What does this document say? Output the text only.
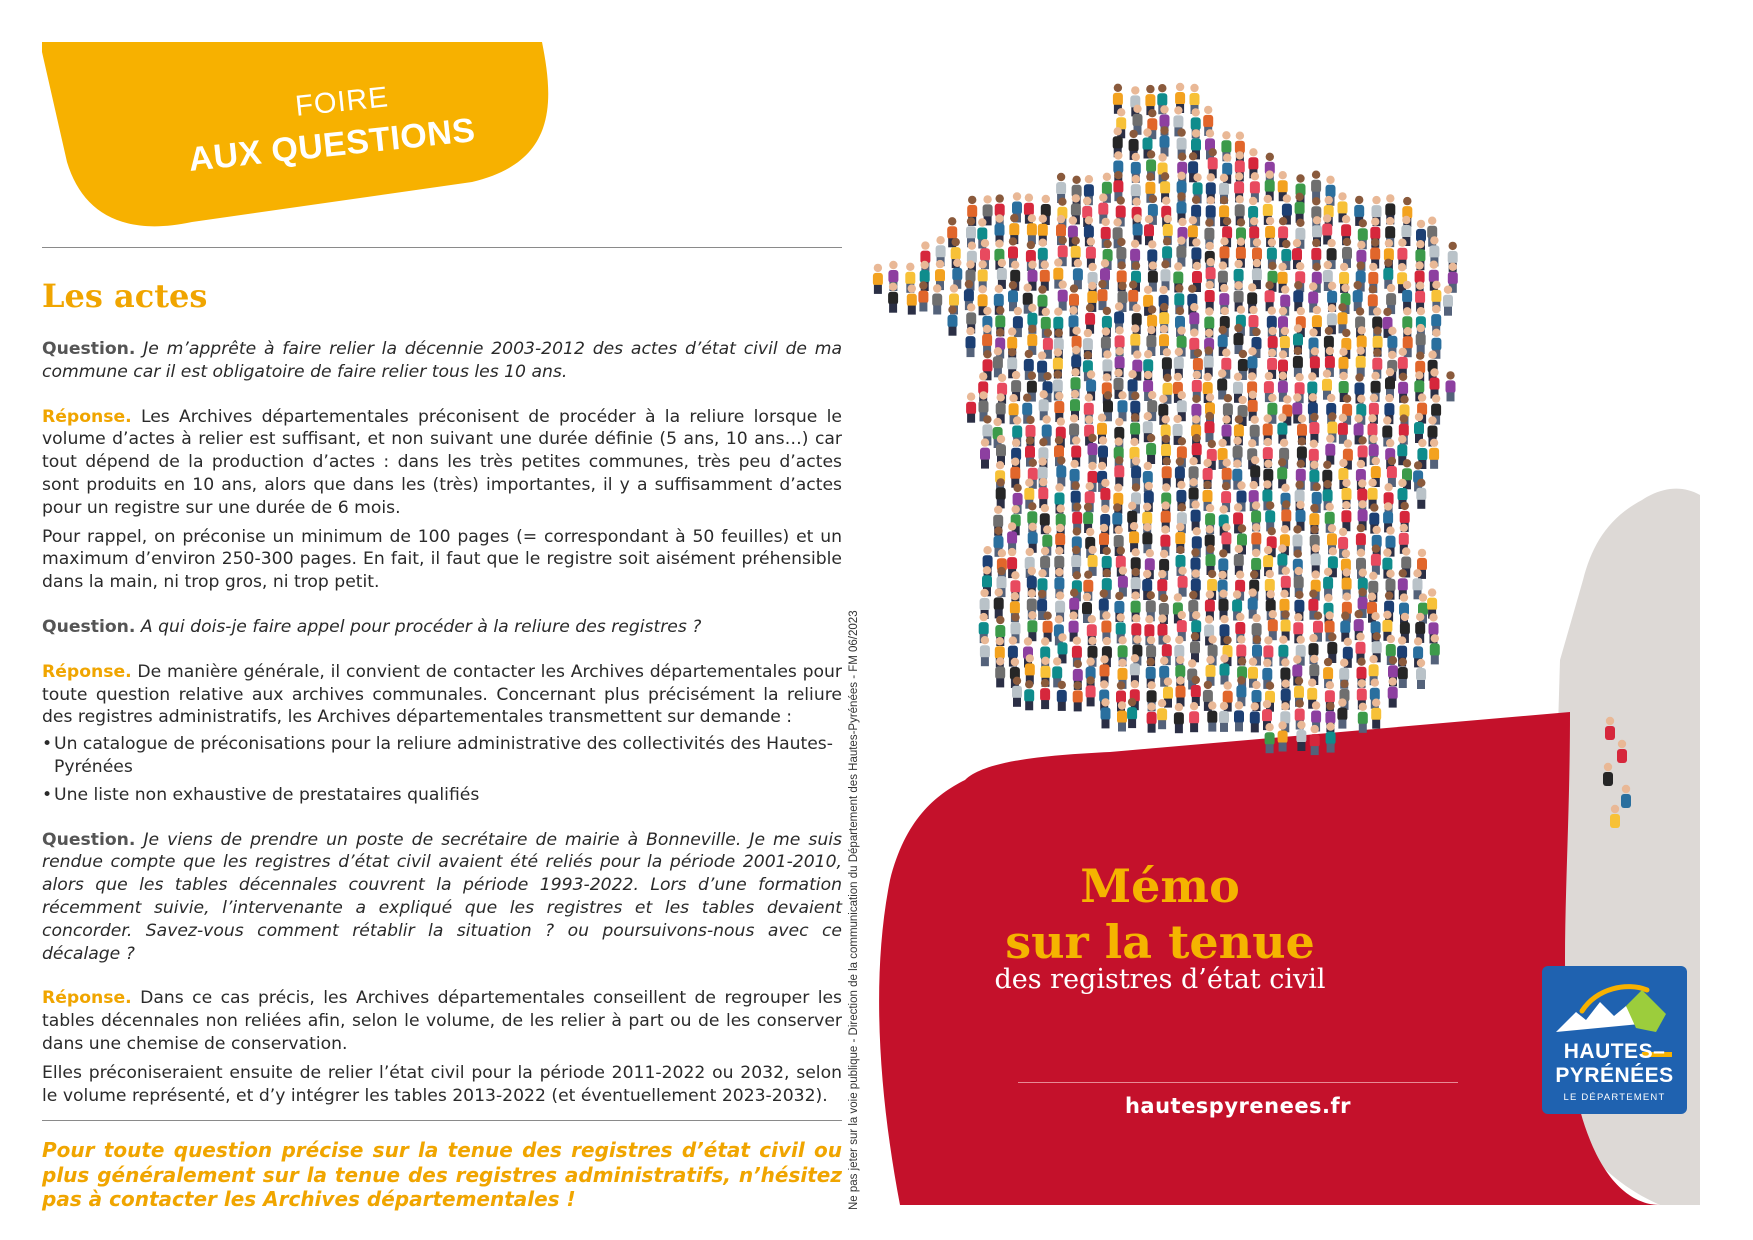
FOIRE
AUX QUESTIONS
Les actes

Question. Je m’apprête à faire relier la décennie 2003-2012 des actes d’état civil de ma commune car il est obligatoire de faire relier tous les 10 ans.

Réponse. Les Archives départementales préconisent de procéder à la reliure lorsque le volume d’actes à relier est suffisant, et non suivant une durée définie (5 ans, 10 ans…) car tout dépend de la production d’actes : dans les très petites communes, très peu d’actes sont produits en 10 ans, alors que dans les (très) importantes, il y a suffisamment d’actes pour un registre sur une durée de 6 mois.

Pour rappel, on préconise un minimum de 100 pages (= correspondant à 50 feuilles) et un maximum d’environ 250-300 pages. En fait, il faut que le registre soit aisément préhensible dans la main, ni trop gros, ni trop petit.

Question. A qui dois-je faire appel pour procéder à la reliure des registres ?

Réponse. De manière générale, il convient de contacter les Archives départementales pour toute question relative aux archives communales. Concernant plus précisément la reliure des registres administratifs, les Archives départementales transmettent sur demande :

• Un catalogue de préconisations pour la reliure administrative des collectivités des Hautes-Pyrénées
• Une liste non exhaustive de prestataires qualifiés

Question. Je viens de prendre un poste de secrétaire de mairie à Bonneville. Je me suis rendue compte que les registres d’état civil avaient été reliés pour la période 2001-2010, alors que les tables décennales couvrent la période 1993-2022. Lors d’une formation récemment suivie, l’intervenante a expliqué que les registres et les tables devaient concorder. Savez-vous comment rétablir la situation ? ou poursuivons-nous avec ce décalage ?

Réponse. Dans ce cas précis, les Archives départementales conseillent de regrouper les tables décennales non reliées afin, selon le volume, de les relier à part ou de les conserver dans une chemise de conservation.

Elles préconiseraient ensuite de relier l’état civil pour la période 2011-2022 ou 2032, selon le volume représenté, et d’y intégrer les tables 2013-2022 (et éventuellement 2023-2032).

Pour toute question précise sur la tenue des registres d’état civil ou plus généralement sur la tenue des registres administratifs, n’hésitez pas à contacter les Archives départementales !	Ne pas jeter sur la voie publique - Direction de la communication du Département des Hautes-Pyrénées - FM 06/2023	Mémo
sur la tenue
des registres d’état civil
hautespyrenees.fr
HAUTES–
PYRÉNÉES
LE DÉPARTEMENT
